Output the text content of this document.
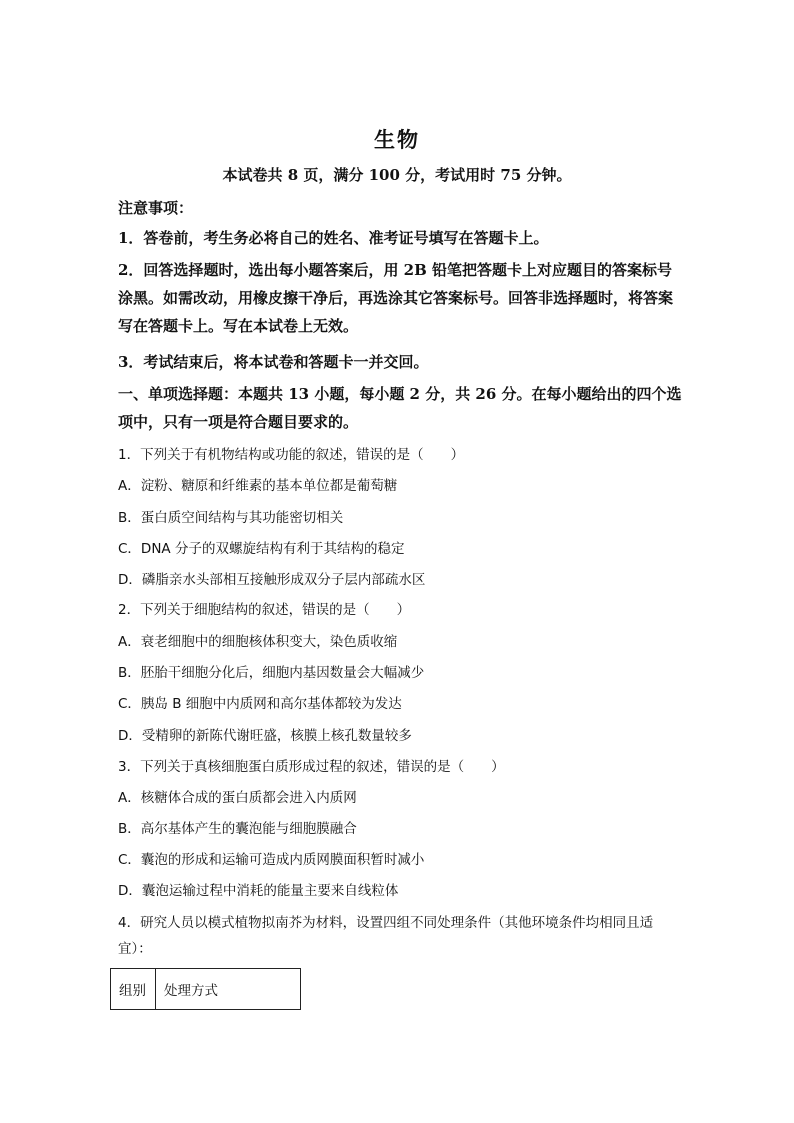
生物
本试卷共 8 页，满分 100 分，考试用时 75 分钟。

注意事项：

1．答卷前，考生务必将自己的姓名、准考证号填写在答题卡上。

2．回答选择题时，选出每小题答案后，用 2B 铅笔把答题卡上对应题目的答案标号涂黑。如需改动，用橡皮擦干净后，再选涂其它答案标号。回答非选择题时，将答案写在答题卡上。写在本试卷上无效。

3．考试结束后，将本试卷和答题卡一并交回。

一、单项选择题：本题共 13 小题，每小题 2 分，共 26 分。在每小题给出的四个选项中，只有一项是符合题目要求的。

1．下列关于有机物结构或功能的叙述，错误的是（　　）

A．淀粉、糖原和纤维素的基本单位都是葡萄糖

B．蛋白质空间结构与其功能密切相关

C．DNA 分子的双螺旋结构有利于其结构的稳定

D．磷脂亲水头部相互接触形成双分子层内部疏水区

2．下列关于细胞结构的叙述，错误的是（　　）

A．衰老细胞中的细胞核体积变大，染色质收缩

B．胚胎干细胞分化后，细胞内基因数量会大幅减少

C．胰岛 B 细胞中内质网和高尔基体都较为发达

D．受精卵的新陈代谢旺盛，核膜上核孔数量较多

3．下列关于真核细胞蛋白质形成过程的叙述，错误的是（　　）

A．核糖体合成的蛋白质都会进入内质网

B．高尔基体产生的囊泡能与细胞膜融合

C．囊泡的形成和运输可造成内质网膜面积暂时减小

D．囊泡运输过程中消耗的能量主要来自线粒体

4．研究人员以模式植物拟南芥为材料，设置四组不同处理条件（其他环境条件均相同且适宜）：

组别	处理方式
